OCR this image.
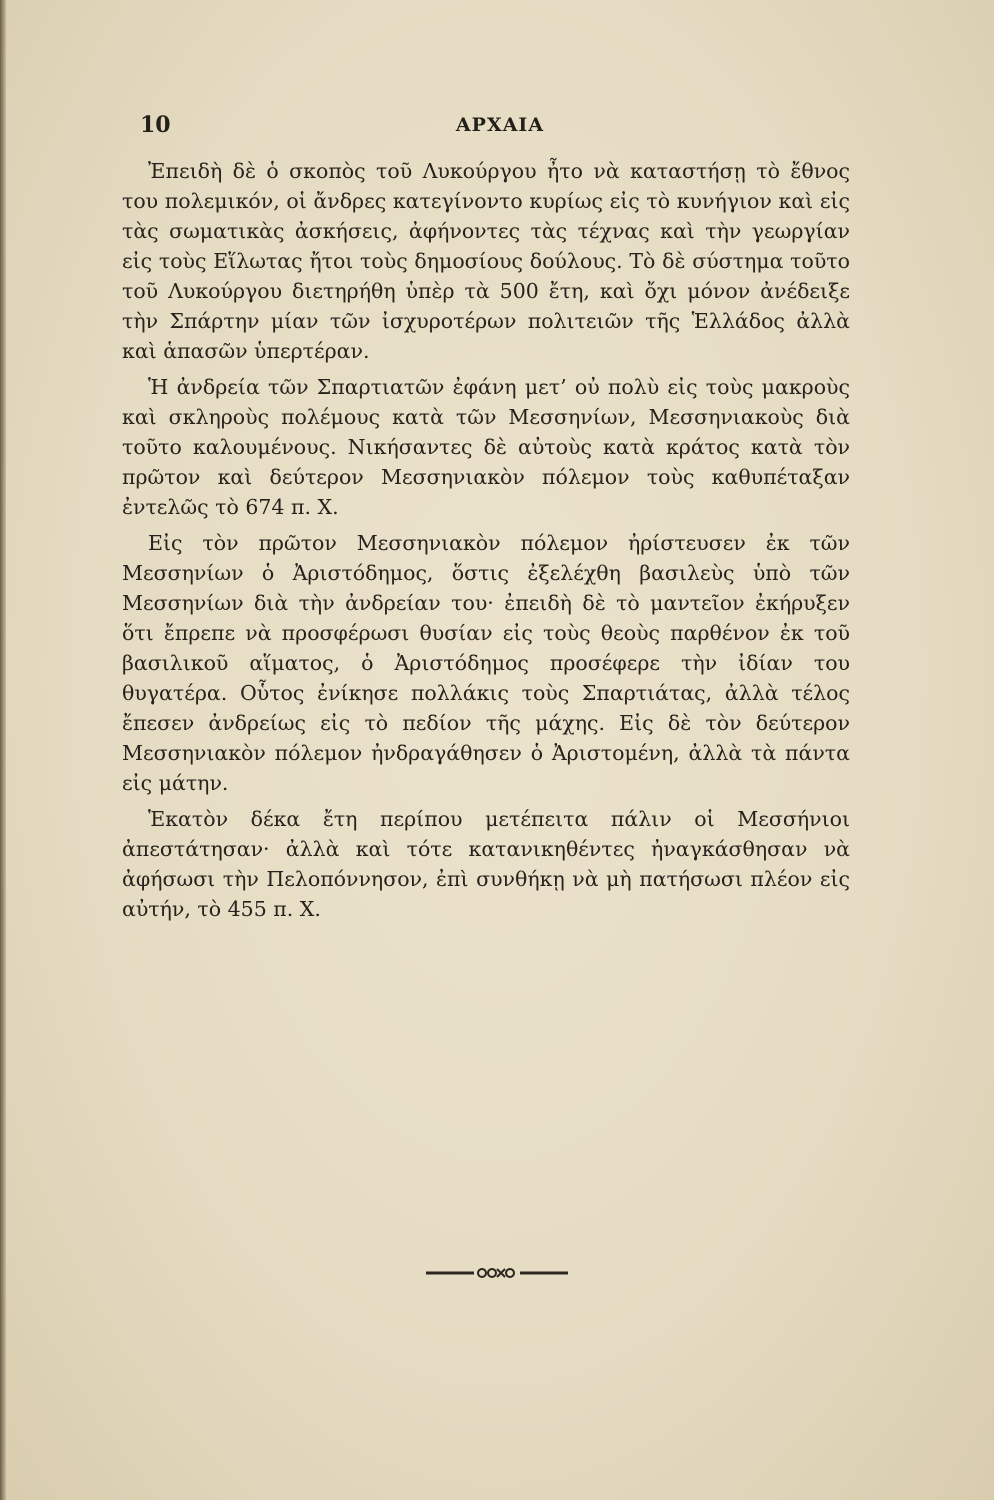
10	ΑΡΧΑΙΑ

Ἐπειδὴ δὲ ὁ σκοπὸς τοῦ Λυκούργου ἦτο νὰ καταστήσῃ τὸ ἔθνος του πολεμικόν, οἱ ἄνδρες κατεγίνοντο κυρίως εἰς τὸ κυνήγιον καὶ εἰς τὰς σωματικὰς ἀσκήσεις, ἀφήνοντες τὰς τέχνας καὶ τὴν γεωργίαν εἰς τοὺς Εἵλωτας ἤτοι τοὺς δημοσίους δούλους. Τὸ δὲ σύστημα τοῦτο τοῦ Λυκούργου διετηρήθη ὑπὲρ τὰ 500 ἔτη, καὶ ὄχι μόνον ἀνέδειξε τὴν Σπάρτην μίαν τῶν ἰσχυροτέρων πολιτειῶν τῆς Ἑλλάδος ἀλλὰ καὶ ἁπασῶν ὑπερτέραν.

Ἡ ἀνδρεία τῶν Σπαρτιατῶν ἐφάνη μετ’ οὐ πολὺ εἰς τοὺς μακροὺς καὶ σκληροὺς πολέμους κατὰ τῶν Μεσσηνίων, Μεσσηνιακοὺς διὰ τοῦτο καλουμένους. Νικήσαντες δὲ αὐτοὺς κατὰ κράτος κατὰ τὸν πρῶτον καὶ δεύτερον Μεσσηνιακὸν πόλεμον τοὺς καθυπέταξαν ἐντελῶς τὸ 674 π. Χ.

Εἰς τὸν πρῶτον Μεσσηνιακὸν πόλεμον ἠρίστευσεν ἐκ τῶν Μεσσηνίων ὁ Ἀριστόδημος, ὅστις ἐξελέχθη βασιλεὺς ὑπὸ τῶν Μεσσηνίων διὰ τὴν ἀνδρείαν του· ἐπειδὴ δὲ τὸ μαντεῖον ἐκήρυξεν ὅτι ἔπρεπε νὰ προσφέρωσι θυσίαν εἰς τοὺς θεοὺς παρθένον ἐκ τοῦ βασιλικοῦ αἵματος, ὁ Ἀριστόδημος προσέφερε τὴν ἰδίαν του θυγατέρα. Οὗτος ἐνίκησε πολλάκις τοὺς Σπαρτιάτας, ἀλλὰ τέλος ἔπεσεν ἀνδρείως εἰς τὸ πεδίον τῆς μάχης. Εἰς δὲ τὸν δεύτερον Μεσσηνιακὸν πόλεμον ἠνδραγάθησεν ὁ Ἀριστομένη, ἀλλὰ τὰ πάντα εἰς μάτην.

Ἑκατὸν δέκα ἔτη περίπου μετέπειτα πάλιν οἱ Μεσσήνιοι ἀπεστάτησαν· ἀλλὰ καὶ τότε κατανικηθέντες ἠναγκάσθησαν νὰ ἀφήσωσι τὴν Πελοπόννησον, ἐπὶ συνθήκῃ νὰ μὴ πατήσωσι πλέον εἰς αὐτήν, τὸ 455 π. Χ.
